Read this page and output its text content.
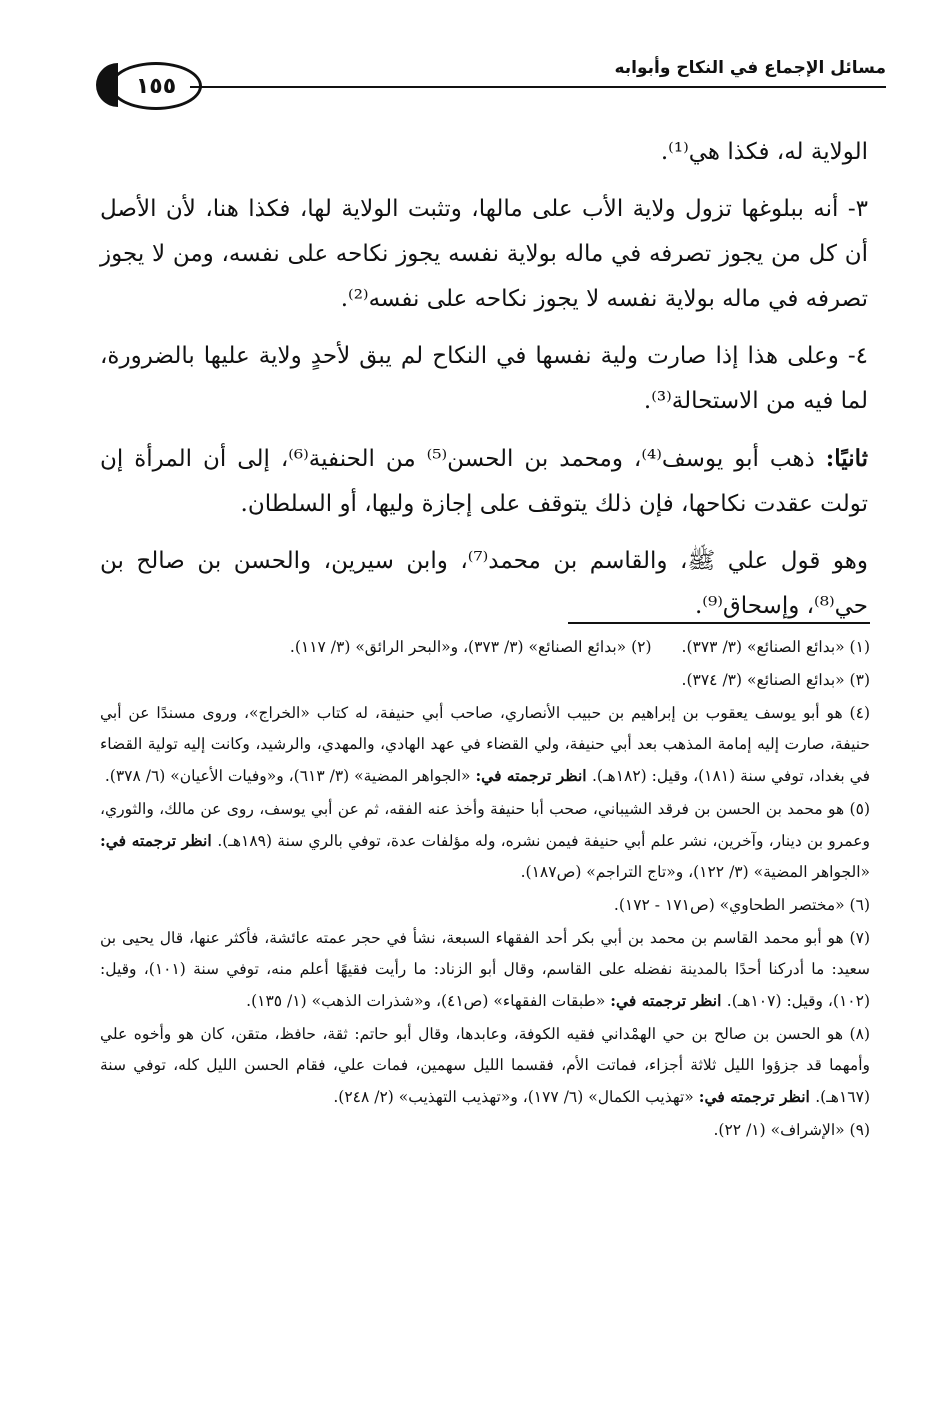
مسائل الإجماع في النكاح وأبوابه
١٥٥

الولاية له، فكذا هي⁽¹⁾.

٣- أنه ببلوغها تزول ولاية الأب على مالها، وتثبت الولاية لها، فكذا هنا، لأن الأصل أن كل من يجوز تصرفه في ماله بولاية نفسه يجوز نكاحه على نفسه، ومن لا يجوز تصرفه في ماله بولاية نفسه لا يجوز نكاحه على نفسه⁽²⁾.

٤- وعلى هذا إذا صارت ولية نفسها في النكاح لم يبق لأحدٍ ولاية عليها بالضرورة، لما فيه من الاستحالة⁽³⁾.

ثانيًا: ذهب أبو يوسف⁽⁴⁾، ومحمد بن الحسن⁽⁵⁾ من الحنفية⁽⁶⁾، إلى أن المرأة إن تولت عقدت نكاحها، فإن ذلك يتوقف على إجازة وليها، أو السلطان.

وهو قول علي ﷺ، والقاسم بن محمد⁽⁷⁾، وابن سيرين، والحسن بن صالح بن حي⁽⁸⁾، وإسحاق⁽⁹⁾.

(١) «بدائع الصنائع» (٣/ ٣٧٣).(٢) «بدائع الصنائع» (٣/ ٣٧٣)، و«البحر الرائق» (٣/ ١١٧).

(٣) «بدائع الصنائع» (٣/ ٣٧٤).

(٤) هو أبو يوسف يعقوب بن إبراهيم بن حبيب الأنصاري، صاحب أبي حنيفة، له كتاب «الخراج»، وروى مسندًا عن أبي حنيفة، صارت إليه إمامة المذهب بعد أبي حنيفة، ولي القضاء في عهد الهادي، والمهدي، والرشيد، وكانت إليه تولية القضاء في بغداد، توفي سنة (١٨١)، وقيل: (١٨٢هـ). انظر ترجمته في: «الجواهر المضية» (٣/ ٦١٣)، و«وفيات الأعيان» (٦/ ٣٧٨).

(٥) هو محمد بن الحسن بن فرقد الشيباني، صحب أبا حنيفة وأخذ عنه الفقه، ثم عن أبي يوسف، روى عن مالك، والثوري، وعمرو بن دينار، وآخرين، نشر علم أبي حنيفة فيمن نشره، وله مؤلفات عدة، توفي بالري سنة (١٨٩هـ). انظر ترجمته في: «الجواهر المضية» (٣/ ١٢٢)، و«تاج التراجم» (ص١٨٧).

(٦) «مختصر الطحاوي» (ص١٧١ - ١٧٢).

(٧) هو أبو محمد القاسم بن محمد بن أبي بكر أحد الفقهاء السبعة، نشأ في حجر عمته عائشة، فأكثر عنها، قال يحيى بن سعيد: ما أدركنا أحدًا بالمدينة نفضله على القاسم، وقال أبو الزناد: ما رأيت فقيهًا أعلم منه، توفي سنة (١٠١)، وقيل: (١٠٢)، وقيل: (١٠٧هـ). انظر ترجمته في: «طبقات الفقهاء» (ص٤١)، و«شذرات الذهب» (١/ ١٣٥).

(٨) هو الحسن بن صالح بن حي الهمْداني فقيه الكوفة، وعابدها، وقال أبو حاتم: ثقة، حافظ، متقن، كان هو وأخوه علي وأمهما قد جزؤوا الليل ثلاثة أجزاء، فماتت الأم، فقسما الليل سهمين، فمات علي، فقام الحسن الليل كله، توفي سنة (١٦٧هـ). انظر ترجمته في: «تهذيب الكمال» (٦/ ١٧٧)، و«تهذيب التهذيب» (٢/ ٢٤٨).

(٩) «الإشراف» (١/ ٢٢).
